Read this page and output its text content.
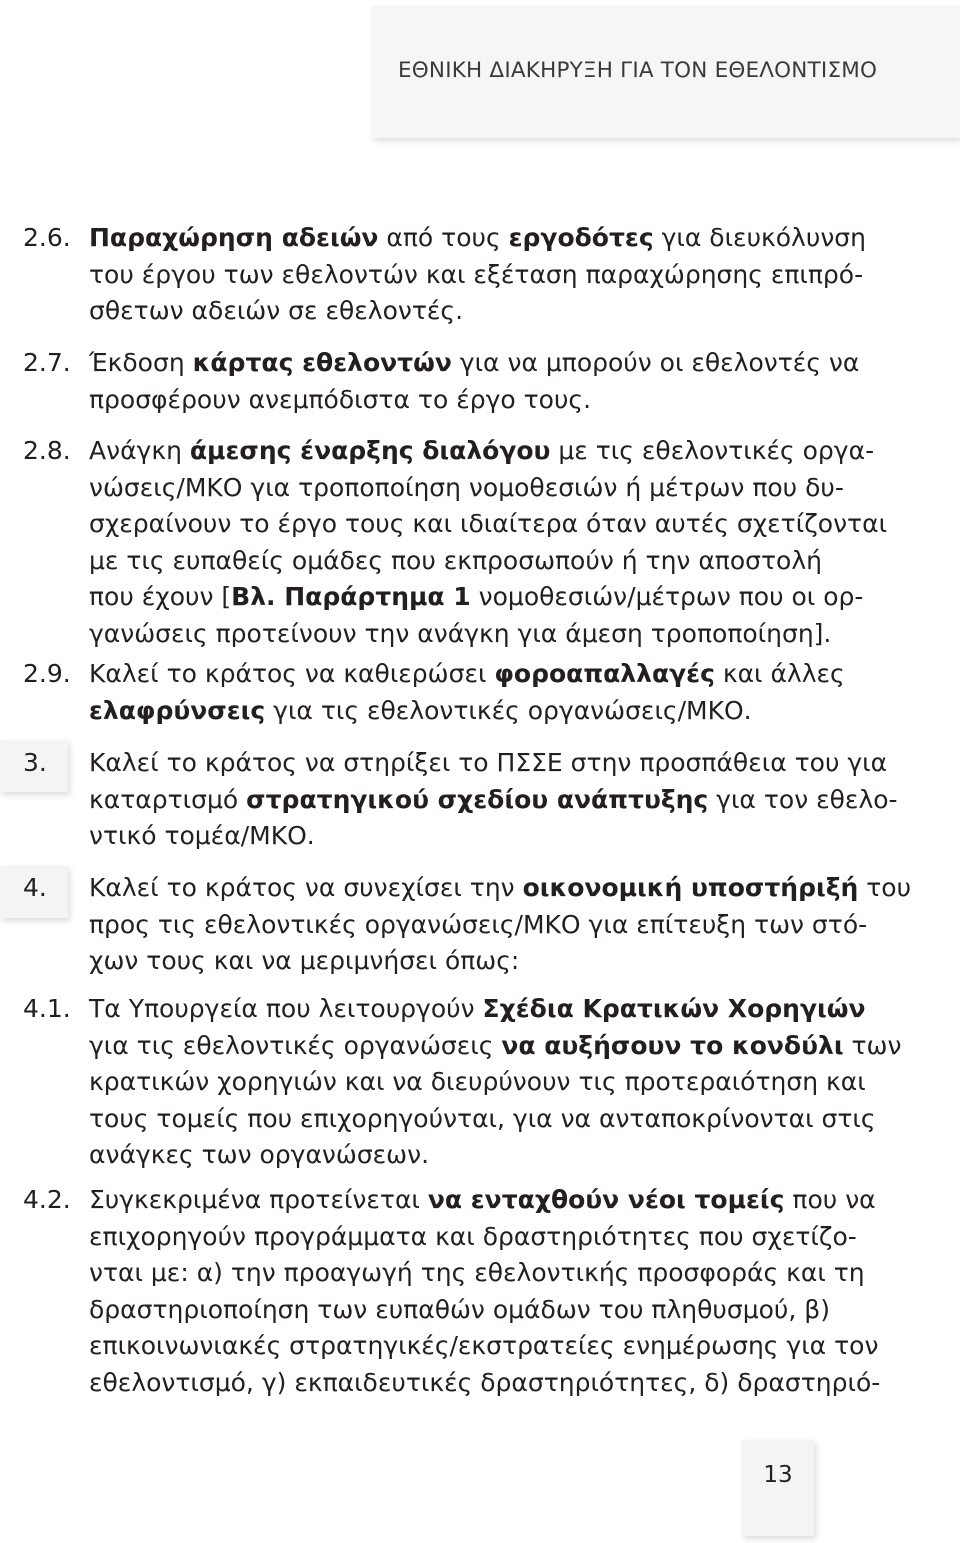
ΕΘΝΙΚΗ ΔΙΑΚΗΡΥΞΗ ΓΙΑ ΤΟΝ ΕΘΕΛΟΝΤΙΣΜΟ
2.6. Παραχώρηση αδειών από τους εργοδότες για διευκόλυνση
του έργου των εθελοντών και εξέταση παραχώρησης επιπρό-
σθετων αδειών σε εθελοντές.
2.7. Έκδοση κάρτας εθελοντών για να μπορούν οι εθελοντές να
προσφέρουν ανεμπόδιστα το έργο τους.
2.8. Ανάγκη άμεσης έναρξης διαλόγου με τις εθελοντικές οργα-
νώσεις/ΜΚΟ για τροποποίηση νομοθεσιών ή μέτρων που δυ-
σχεραίνουν το έργο τους και ιδιαίτερα όταν αυτές σχετίζονται
με τις ευπαθείς ομάδες που εκπροσωπούν ή την αποστολή
που έχουν [Βλ. Παράρτημα 1 νομοθεσιών/μέτρων που οι ορ-
γανώσεις προτείνουν την ανάγκη για άμεση τροποποίηση].
2.9. Καλεί το κράτος να καθιερώσει φοροαπαλλαγές και άλλες
ελαφρύνσεις για τις εθελοντικές οργανώσεις/ΜΚΟ.
3. Καλεί το κράτος να στηρίξει το ΠΣΣΕ στην προσπάθεια του για
καταρτισμό στρατηγικού σχεδίου ανάπτυξης για τον εθελο-
ντικό τομέα/ΜΚΟ.
4. Καλεί το κράτος να συνεχίσει την οικονομική υποστήριξή του
προς τις εθελοντικές οργανώσεις/ΜΚΟ για επίτευξη των στό-
χων τους και να μεριμνήσει όπως:
4.1. Τα Υπουργεία που λειτουργούν Σχέδια Κρατικών Χορηγιών
για τις εθελοντικές οργανώσεις να αυξήσουν το κονδύλι των
κρατικών χορηγιών και να διευρύνουν τις προτεραιότηση και
τους τομείς που επιχορηγούνται, για να ανταποκρίνονται στις
ανάγκες των οργανώσεων.
4.2. Συγκεκριμένα προτείνεται να ενταχθούν νέοι τομείς που να
επιχορηγούν προγράμματα και δραστηριότητες που σχετίζο-
νται με: α) την προαγωγή της εθελοντικής προσφοράς και τη
δραστηριοποίηση των ευπαθών ομάδων του πληθυσμού, β)
επικοινωνιακές στρατηγικές/εκστρατείες ενημέρωσης για τον
εθελοντισμό, γ) εκπαιδευτικές δραστηριότητες, δ) δραστηριό-
13
